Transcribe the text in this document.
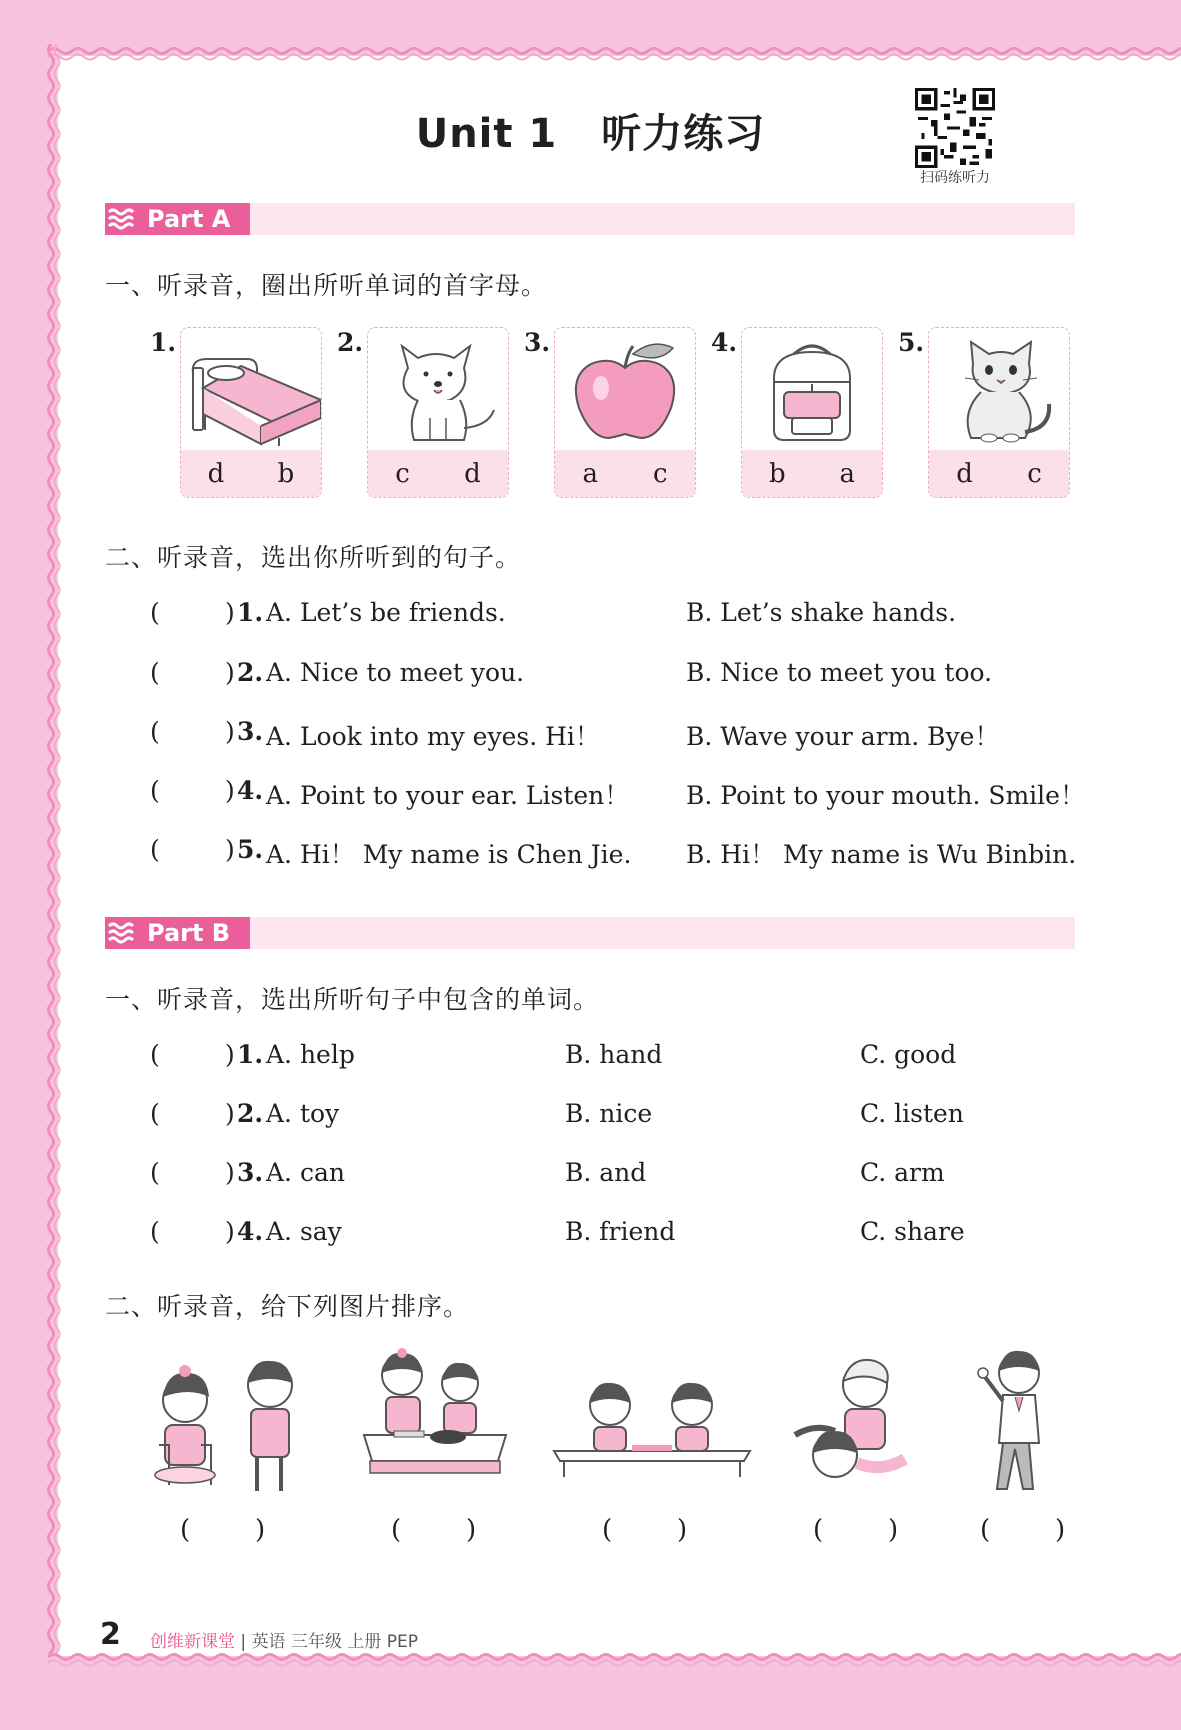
Unit 1 听力练习
扫码练听力
Part A
一、听录音，圈出所听单词的首字母。
1.
d b
2.
c d
3.
a c
4.
b a
5.
d c
二、听录音，选出你所听到的句子。
(	) 1. A. Let’s be friends.	B. Let’s shake hands.
(	) 2. A. Nice to meet you.	B. Nice to meet you too.
(	) 3. A. Look into my eyes. Hi！	B. Wave your arm. Bye！
(	) 4. A. Point to your ear. Listen！ B. Point to your mouth. Smile！
(	) 5. A. Hi！ My name is Chen Jie. B. Hi！ My name is Wu Binbin.
Part B
一、听录音，选出所听句子中包含的单词。
(	) 1. A. help	B. hand	C. good
(	) 2. A. toy	B. nice	C. listen
(	) 3. A. can	B. and	C. arm
(	) 4. A. say	B. friend	C. share
二、听录音，给下列图片排序。
( )	( )	( )	( )	( )
2 创维新课堂 | 英语 三年级 上册 PEP
